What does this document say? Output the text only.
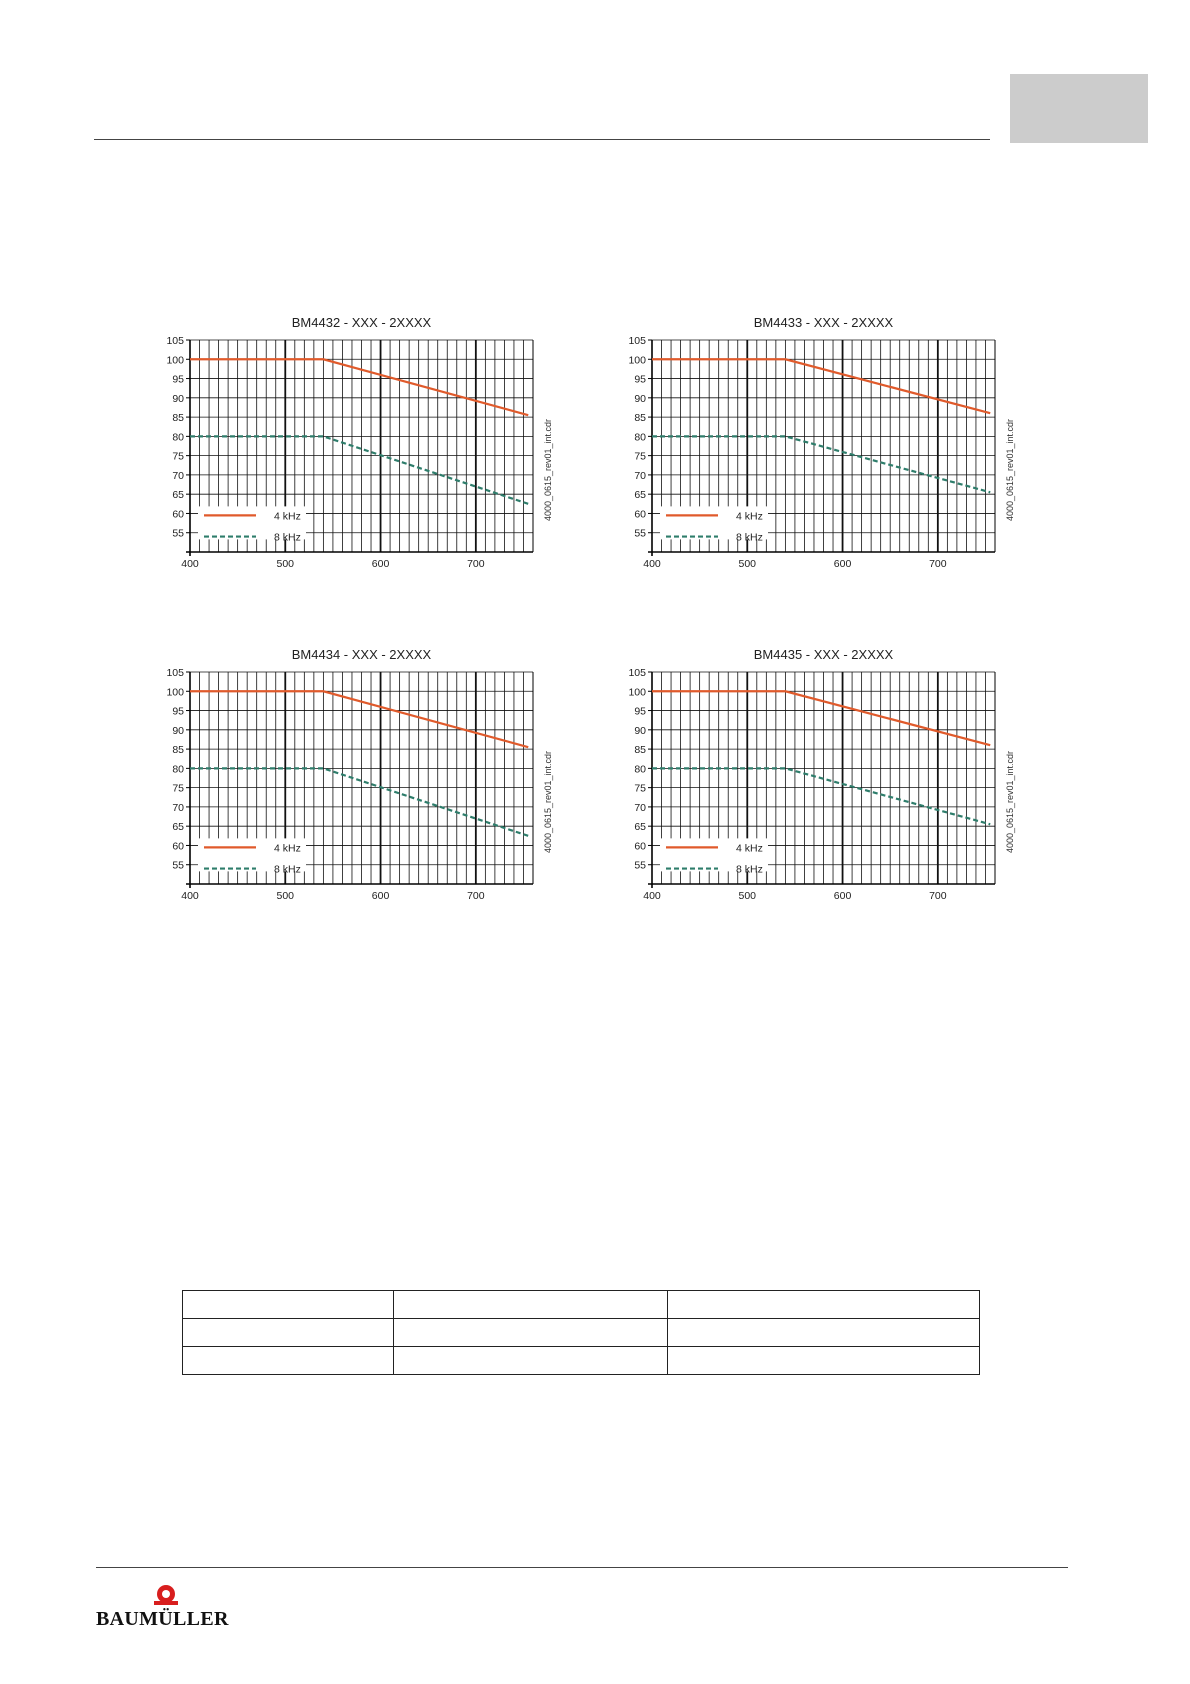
BM4432 - XXX - 2XXXX
105
100
95
90
85
80
75
70
65
60
55
400	500	600	700
4 kHz
8 kHz
4000_0615_rev01_int.cdr
BM4433 - XXX - 2XXXX
105
100
95
90
85
80
75
70
65
60
55
400	500	600	700
4 kHz
8 kHz
4000_0615_rev01_int.cdr
BM4434 - XXX - 2XXXX
105
100
95
90
85
80
75
70
65
60
55
400	500	600	700
4 kHz
8 kHz
4000_0615_rev01_int.cdr
BM4435 - XXX - 2XXXX
105
100
95
90
85
80
75
70
65
60
55
400	500	600	700
4 kHz
8 kHz
4000_0615_rev01_int.cdr

BAUMÜLLER
